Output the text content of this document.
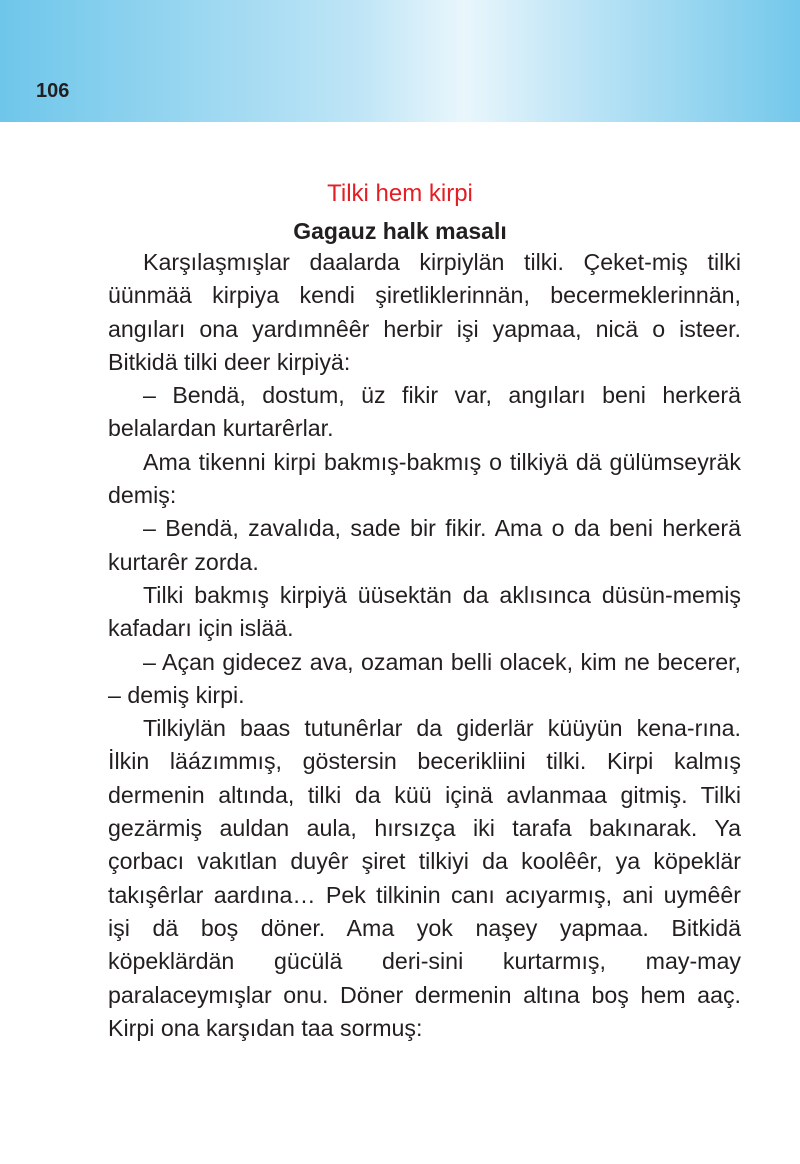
106
Tilki hem kirpi
Gagauz halk masalı

Karşılaşmışlar daalarda kirpiylän tilki. Çeket-miş tilki üünmää kirpiya kendi şiretliklerinnän, becermeklerinnän, angıları ona yardımnêêr herbir işi yapmaa, nicä o isteer. Bitkidä tilki deer kirpiyä:

– Bendä, dostum, üz fikir var, angıları beni herkerä belalardan kurtarêrlar.

Ama tikenni kirpi bakmış-bakmış o tilkiyä dä gülümseyräk demiş:

– Bendä, zavalıda, sade bir fikir. Ama o da beni herkerä kurtarêr zorda.

Tilki bakmış kirpiyä üüsektän da aklısınca düsün-memiş kafadarı için islää.

– Açan gidecez ava, ozaman belli olacek, kim ne becerer, – demiş kirpi.

Tilkiylän baas tutunêrlar da giderlär küüyün kena-rına. İlkin läázımmış, göstersin becerikliini tilki. Kirpi kalmış dermenin altında, tilki da küü içinä avlanmaa gitmiş. Tilki gezärmiş auldan aula, hırsızça iki tarafa bakınarak. Ya çorbacı vakıtlan duyêr şiret tilkiyi da koolêêr, ya köpeklär takışêrlar aardına… Pek tilkinin canı acıyarmış, ani uymêêr işi dä boş döner. Ama yok naşey yapmaa. Bitkidä köpeklärdän gücülä deri-sini kurtarmış, may-may paralaceymışlar onu. Döner dermenin altına boş hem aaç. Kirpi ona karşıdan taa sormuş:
